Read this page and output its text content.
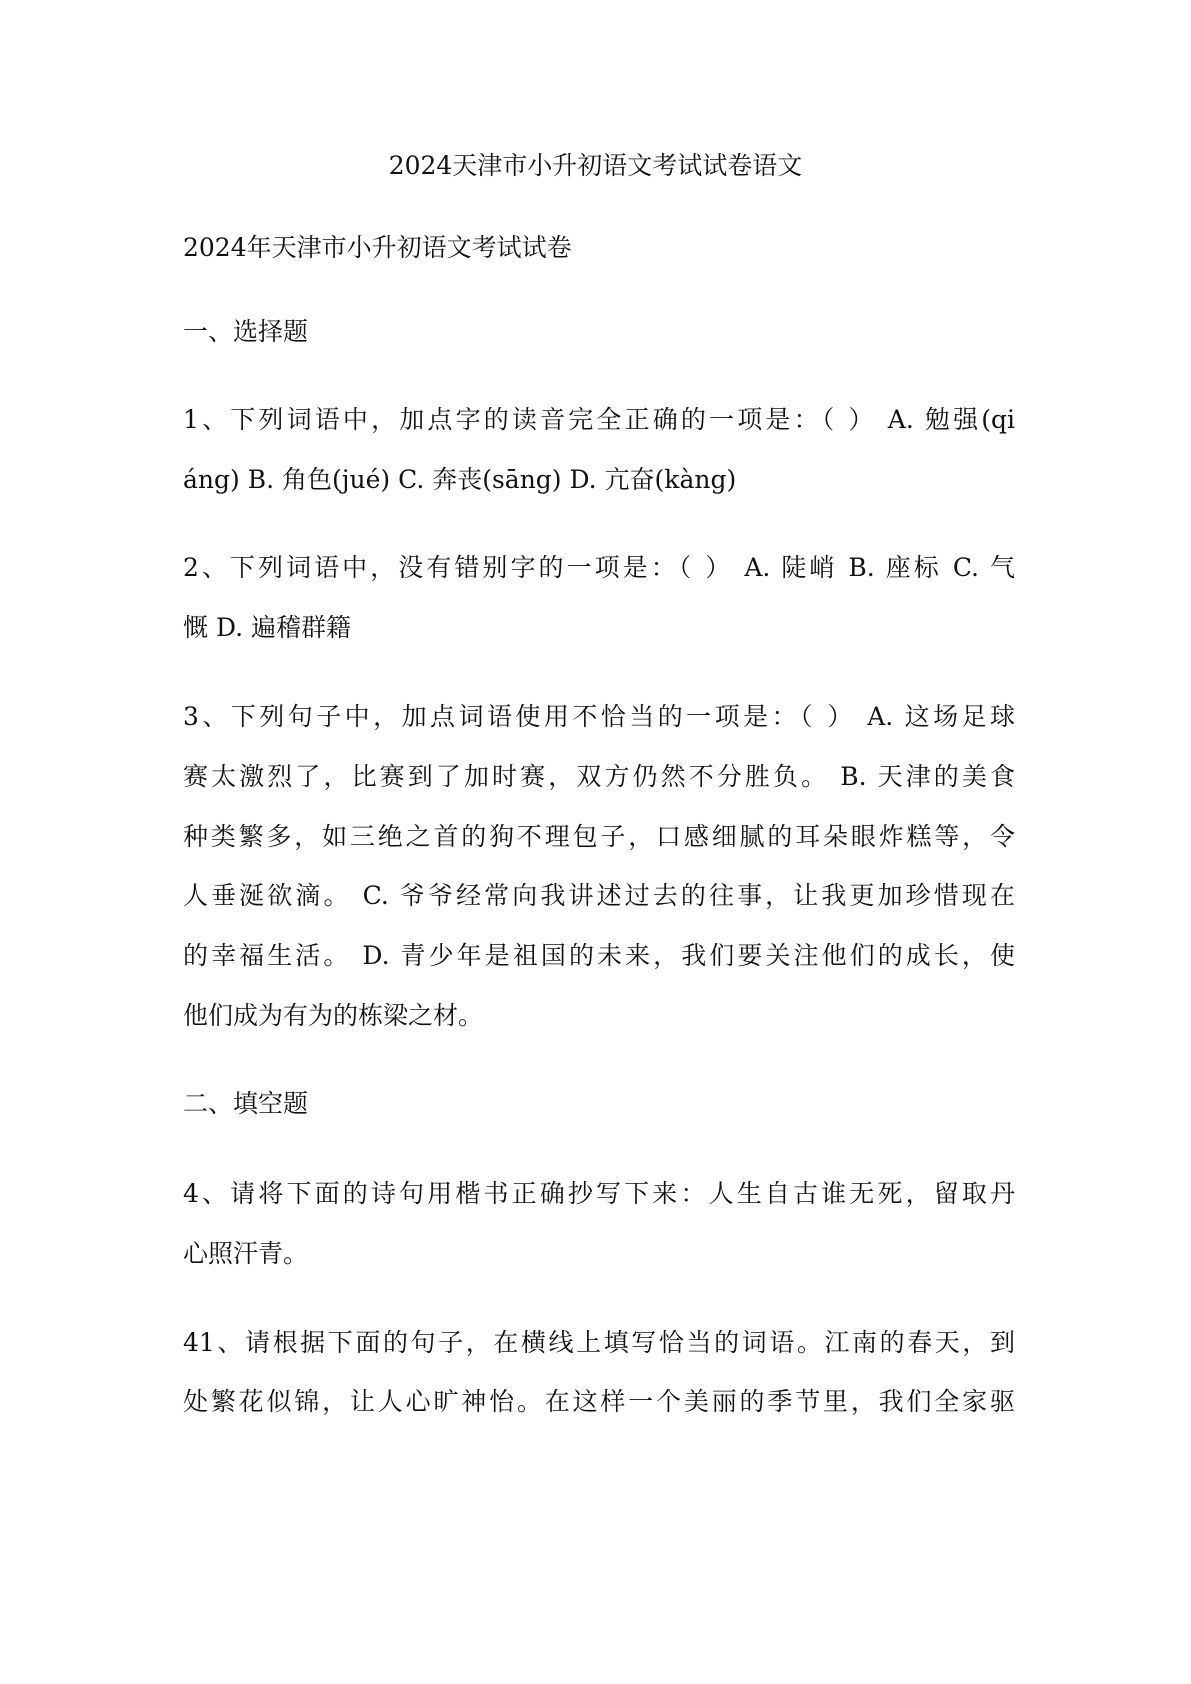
2024天津市小升初语文考试试卷语文
2024年天津市小升初语文考试试卷
一、选择题
1、下列词语中，加点字的读音完全正确的一项是：（ ） A. 勉强(qi
áng) B. 角色(jué) C. 奔丧(sāng) D. 亢奋(kàng)
2、下列词语中，没有错别字的一项是：（ ） A. 陡峭 B. 座标 C. 气
慨 D. 遍稽群籍
3、下列句子中，加点词语使用不恰当的一项是：（ ） A. 这场足球
赛太激烈了，比赛到了加时赛，双方仍然不分胜负。 B. 天津的美食
种类繁多，如三绝之首的狗不理包子，口感细腻的耳朵眼炸糕等，令
人垂涎欲滴。 C. 爷爷经常向我讲述过去的往事，让我更加珍惜现在
的幸福生活。 D. 青少年是祖国的未来，我们要关注他们的成长，使
他们成为有为的栋梁之材。
二、填空题
4、请将下面的诗句用楷书正确抄写下来：人生自古谁无死，留取丹
心照汗青。
41、请根据下面的句子，在横线上填写恰当的词语。江南的春天，到
处繁花似锦，让人心旷神怡。在这样一个美丽的季节里，我们全家驱
